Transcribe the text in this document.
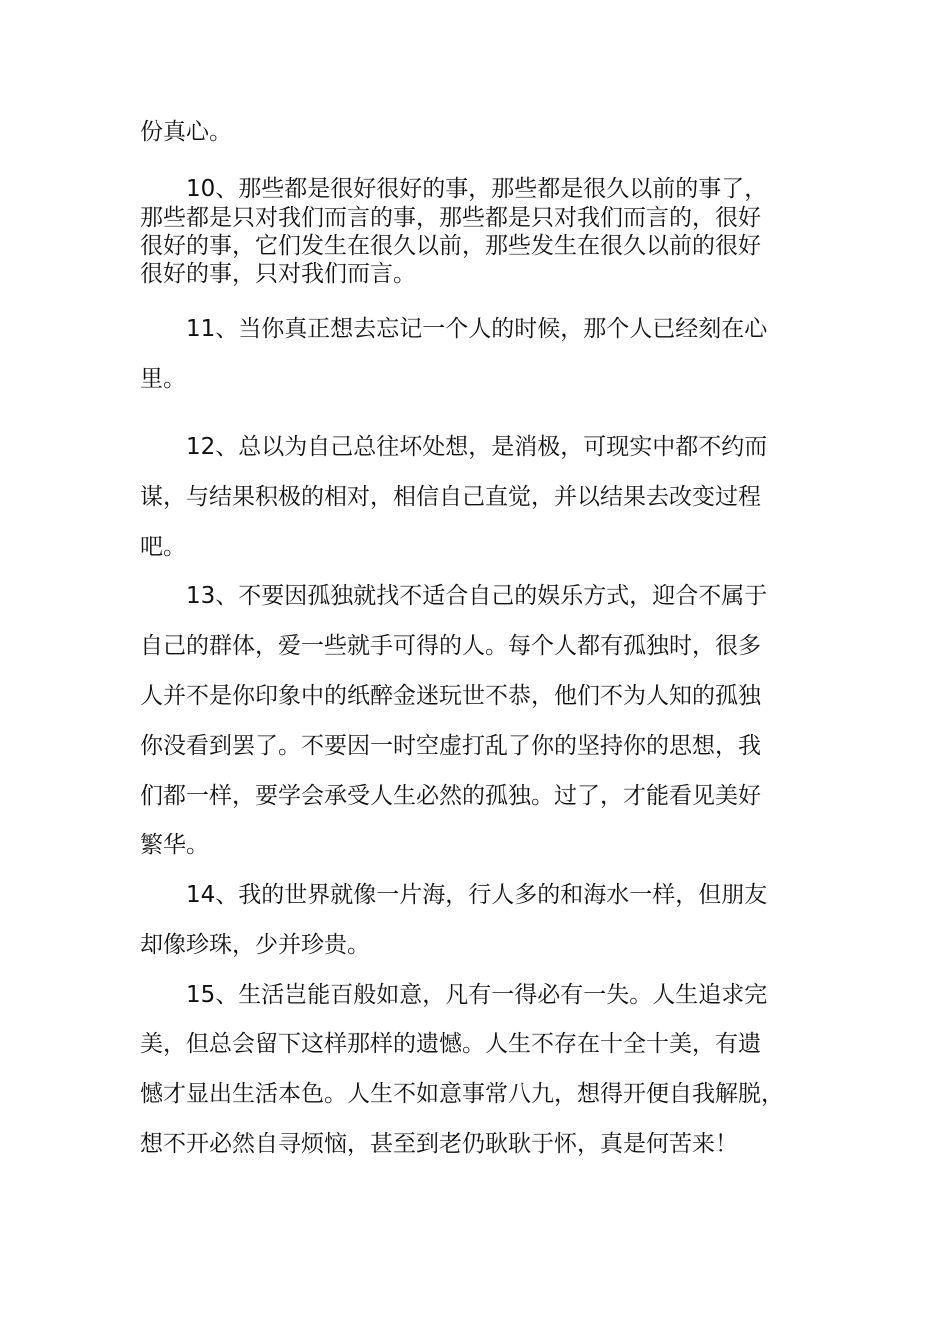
份真心。

10、那些都是很好很好的事，那些都是很久以前的事了，

那些都是只对我们而言的事，那些都是只对我们而言的，很好

很好的事，它们发生在很久以前，那些发生在很久以前的很好

很好的事，只对我们而言。

11、当你真正想去忘记一个人的时候，那个人已经刻在心

里。

12、总以为自己总往坏处想，是消极，可现实中都不约而

谋，与结果积极的相对，相信自己直觉，并以结果去改变过程

吧。

13、不要因孤独就找不适合自己的娱乐方式，迎合不属于

自己的群体，爱一些就手可得的人。每个人都有孤独时，很多

人并不是你印象中的纸醉金迷玩世不恭，他们不为人知的孤独

你没看到罢了。不要因一时空虚打乱了你的坚持你的思想，我

们都一样，要学会承受人生必然的孤独。过了，才能看见美好

繁华。

14、我的世界就像一片海，行人多的和海水一样，但朋友

却像珍珠，少并珍贵。

15、生活岂能百般如意，凡有一得必有一失。人生追求完

美，但总会留下这样那样的遗憾。人生不存在十全十美，有遗

憾才显出生活本色。人生不如意事常八九，想得开便自我解脱，

想不开必然自寻烦恼，甚至到老仍耿耿于怀，真是何苦来！
